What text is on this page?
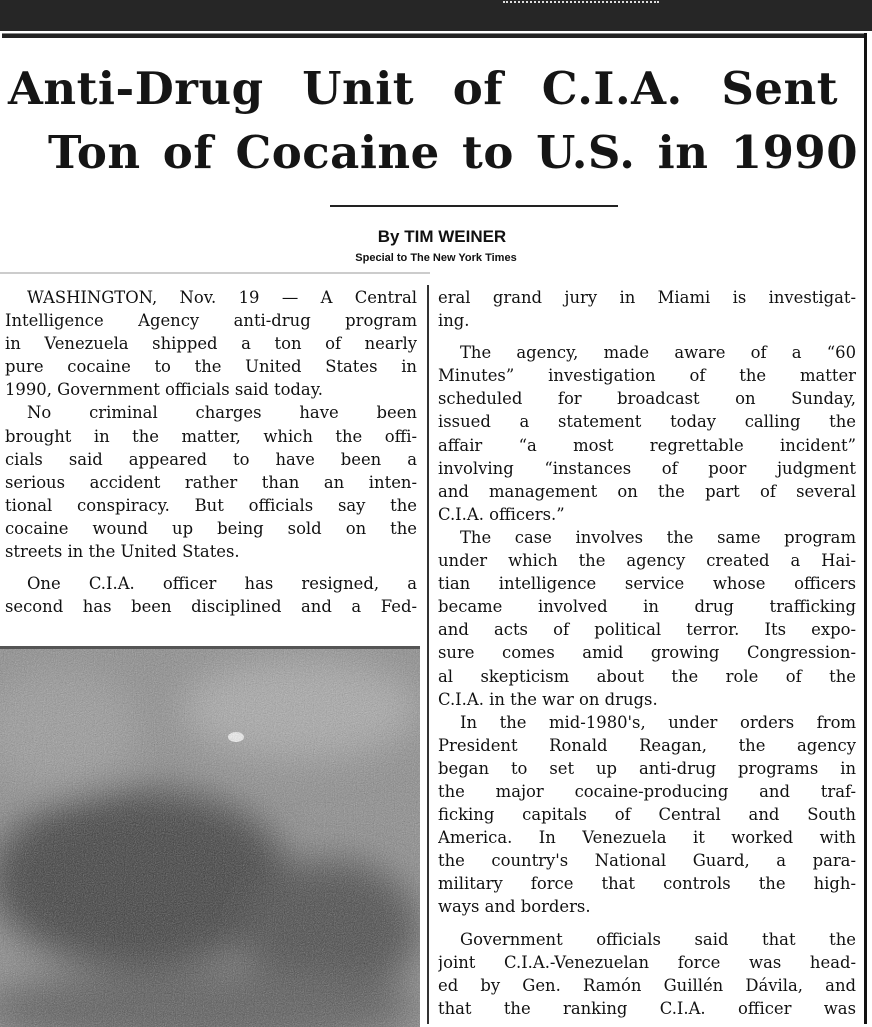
Anti-Drug Unit of C.I.A. Sent
Ton of Cocaine to U.S. in 1990
By TIM WEINER
Special to The New York Times
WASHINGTON, Nov. 19 — A Central
Intelligence Agency anti-drug program
in Venezuela shipped a ton of nearly
pure cocaine to the United States in
1990, Government officials said today.
No criminal charges have been
brought in the matter, which the offi-
cials said appeared to have been a
serious accident rather than an inten-
tional conspiracy. But officials say the
cocaine wound up being sold on the
streets in the United States.
One C.I.A. officer has resigned, a
second has been disciplined and a Fed-
eral grand jury in Miami is investigat-
ing.
The agency, made aware of a “60
Minutes” investigation of the matter
scheduled for broadcast on Sunday,
issued a statement today calling the
affair “a most regrettable incident”
involving “instances of poor judgment
and management on the part of several
C.I.A. officers.”
The case involves the same program
under which the agency created a Hai-
tian intelligence service whose officers
became involved in drug trafficking
and acts of political terror. Its expo-
sure comes amid growing Congression-
al skepticism about the role of the
C.I.A. in the war on drugs.
In the mid-1980's, under orders from
President Ronald Reagan, the agency
began to set up anti-drug programs in
the major cocaine-producing and traf-
ficking capitals of Central and South
America. In Venezuela it worked with
the country's National Guard, a para-
military force that controls the high-
ways and borders.
Government officials said that the
joint C.I.A.-Venezuelan force was head-
ed by Gen. Ramón Guillén Dávila, and
that the ranking C.I.A. officer was
